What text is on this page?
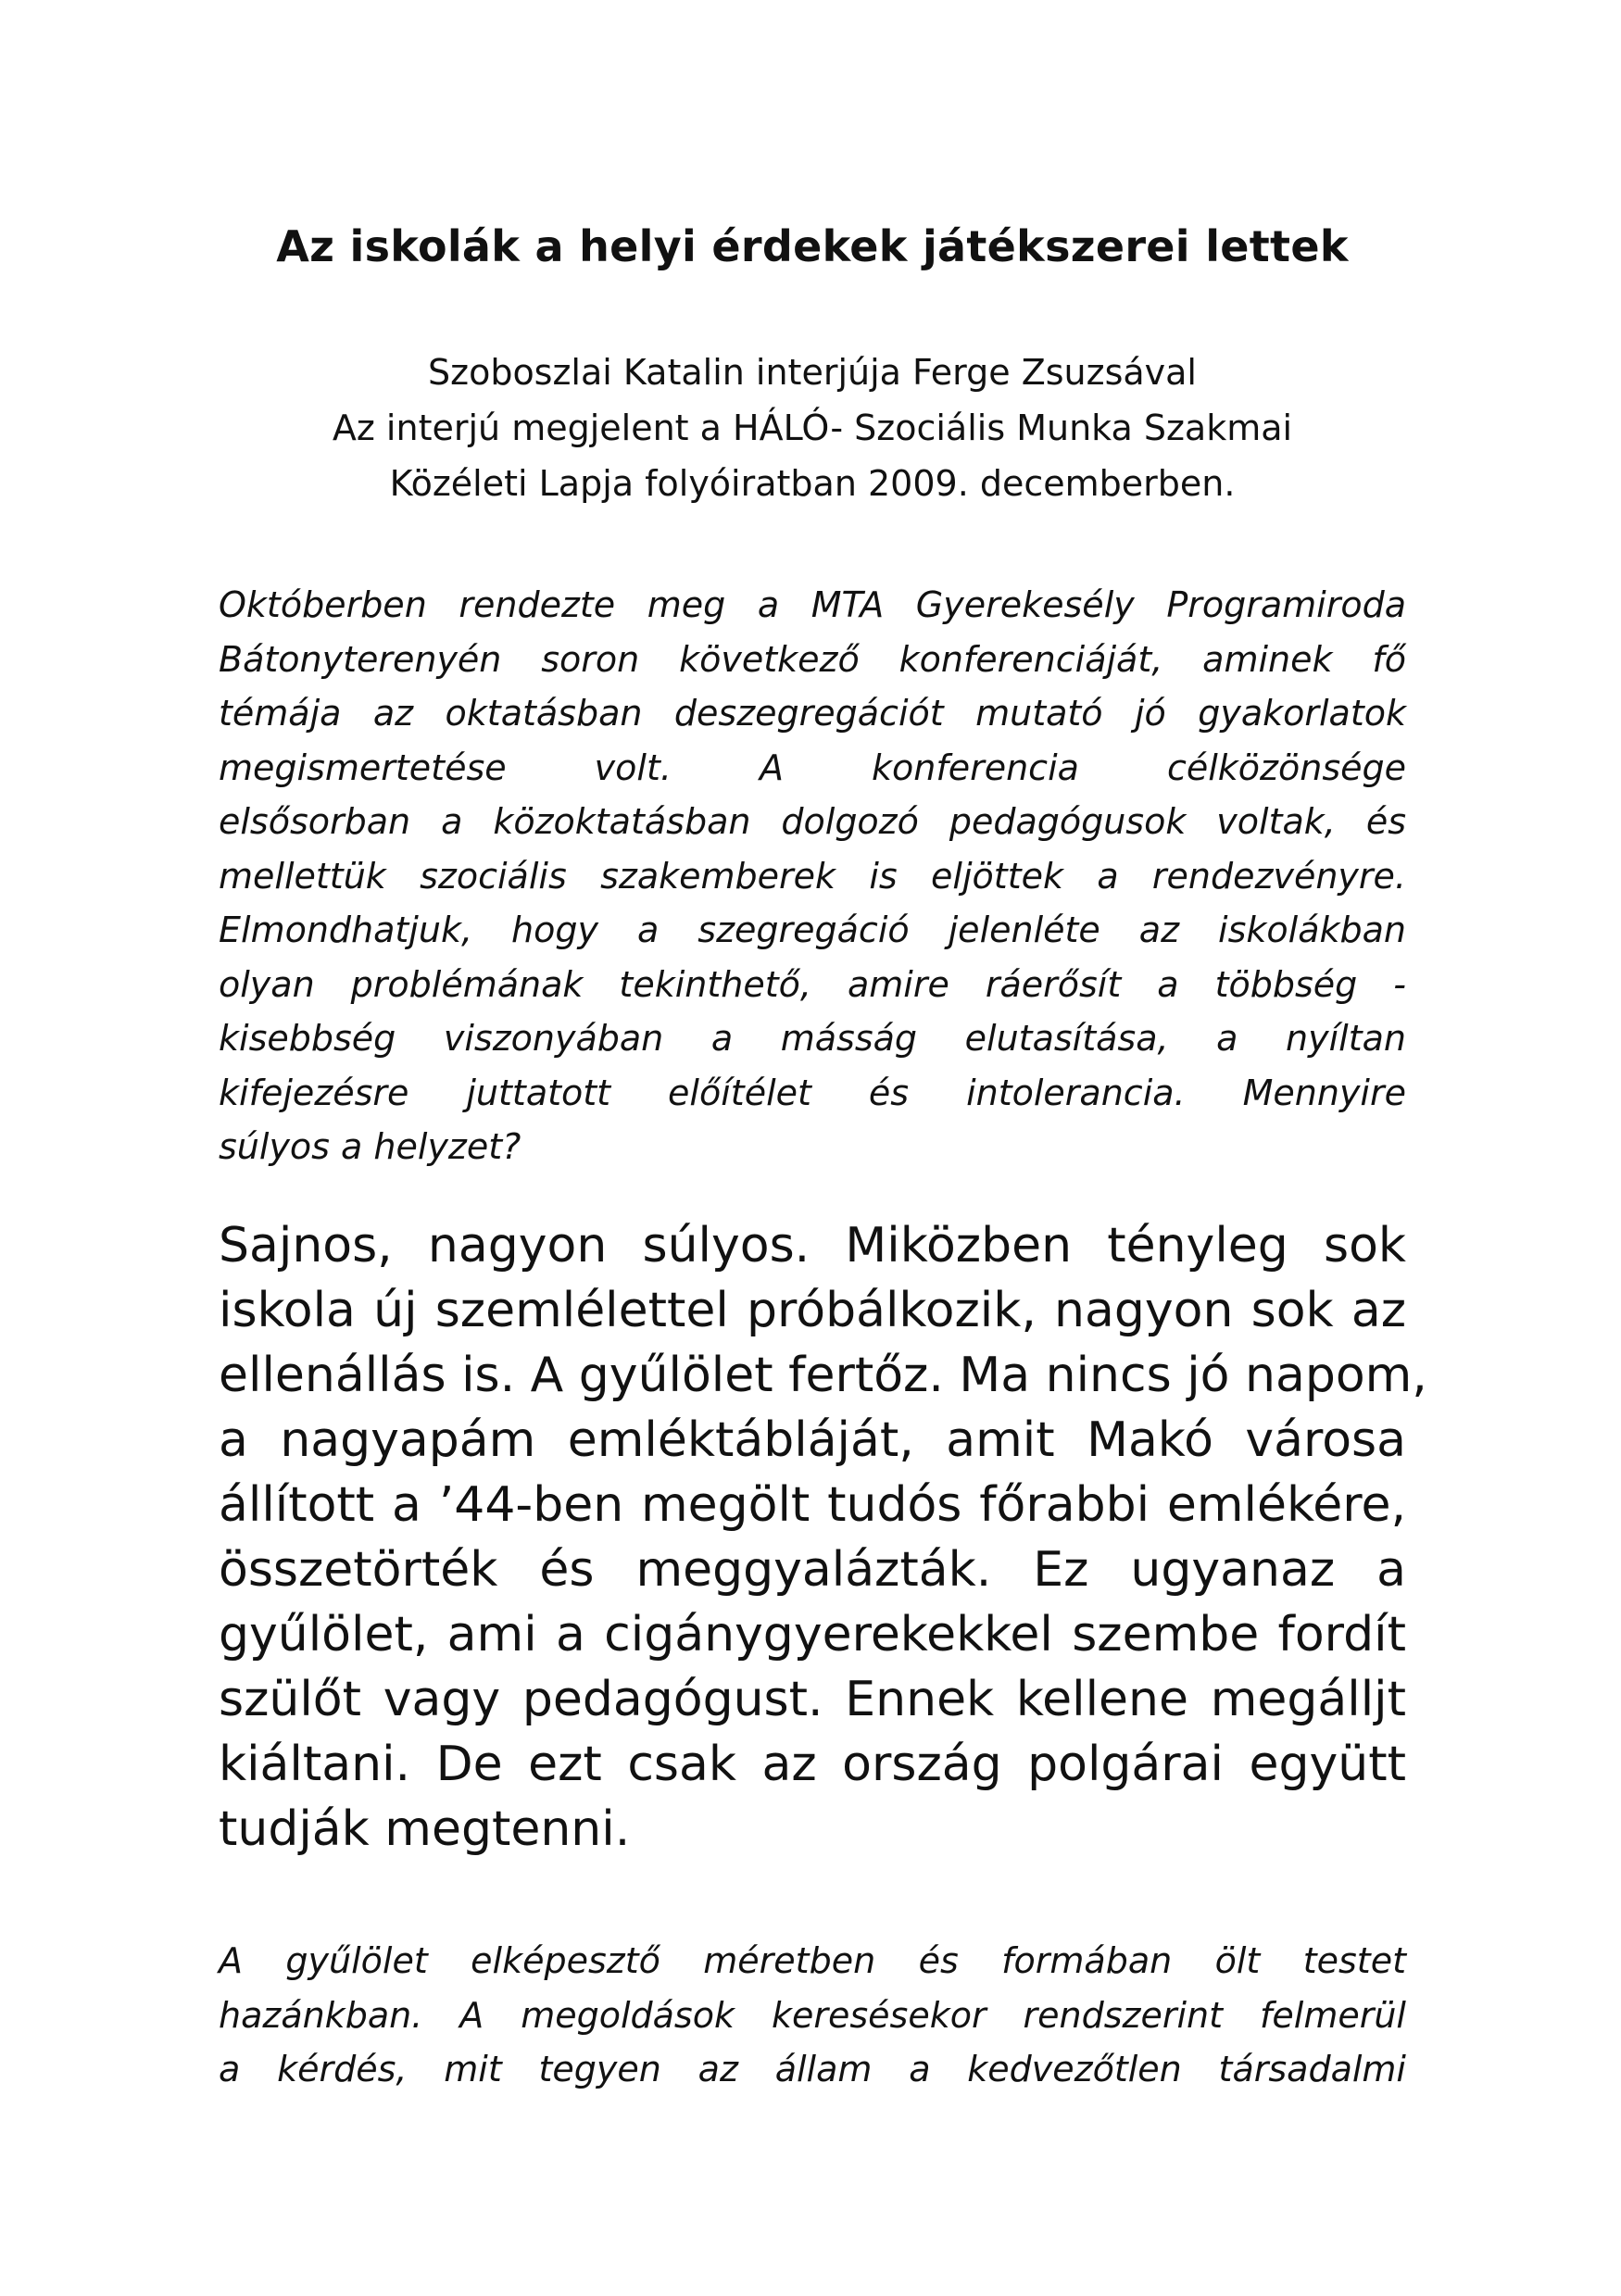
Az iskolák a helyi érdekek játékszerei lettek
Szoboszlai Katalin interjúja Ferge Zsuzsával
Az interjú megjelent a HÁLÓ- Szociális Munka Szakmai
Közéleti Lapja folyóiratban 2009. decemberben.
Októberben rendezte meg a MTA Gyerekesély Programiroda
Bátonyterenyén soron következő konferenciáját, aminek fő
témája az oktatásban deszegregációt mutató jó gyakorlatok
megismertetése volt. A konferencia célközönsége
elsősorban a közoktatásban dolgozó pedagógusok voltak, és
mellettük szociális szakemberek is eljöttek a rendezvényre.
Elmondhatjuk, hogy a szegregáció jelenléte az iskolákban
olyan problémának tekinthető, amire ráerősít a többség -
kisebbség viszonyában a másság elutasítása, a nyíltan
kifejezésre juttatott előítélet és intolerancia. Mennyire
súlyos a helyzet?
Sajnos, nagyon súlyos. Miközben tényleg sok
iskola új szemlélettel próbálkozik, nagyon sok az
ellenállás is. A gyűlölet fertőz. Ma nincs jó napom,
a nagyapám emléktábláját, amit Makó városa
állított a ’44-ben megölt tudós főrabbi emlékére,
összetörték és meggyalázták. Ez ugyanaz a
gyűlölet, ami a cigánygyerekekkel szembe fordít
szülőt vagy pedagógust. Ennek kellene megálljt
kiáltani. De ezt csak az ország polgárai együtt
tudják megtenni.
A gyűlölet elképesztő méretben és formában ölt testet
hazánkban. A megoldások keresésekor rendszerint felmerül
a kérdés, mit tegyen az állam a kedvezőtlen társadalmi
